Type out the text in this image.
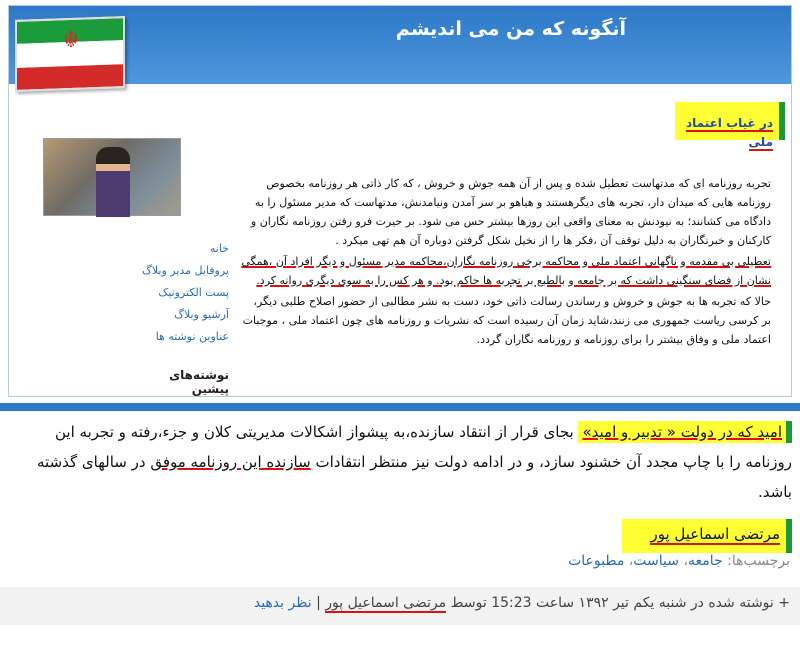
آنگونه که من می اندیشم
☬
در غیاب اعتماد ملی

تجربه روزنامه ای که مدتهاست تعطیل شده و پس از آن همه جوش و خروش ، که کار ذاتی هر روزنامه بخصوص روزنامه هایی که میدان دار، تجربه های دیگرهستند و هیاهو بر سر آمدن ونیامدنش، مدتهاست که مدیر مسئول را به دادگاه می کشانند؛ به نیودنش به معنای واقعی این روزها بیشتر حس می شود. بر حیرت فرو رفتن روزنامه نگاران و کارکنان و خبرنگاران به دلیل توقف آن ،فکر ها را از نخیل شکل گرفتن دوباره آن هم تهی میکرد .

تعطیلی بی مقدمه و ناگهانی اعتماد ملی و محاکمه برخی روزنامه نگاران،محاکمه مدیر مسئول و دیگر افراد آن ،همگی نشان از فضای سنگینی داشت که بر جامعه و بالطبع بر تجربه ها حاکم بود. و هر کس را به سوی دیگری روانه کرد.

حالا که تجربه ها به جوش و خروش و رساندن رسالت ذاتی خود، دست به نشر مطالبی از حضور اصلاح طلبی دیگر، بر کرسی ریاست جمهوری می زنند،شاید زمان آن رسیده است که نشریات و روزنامه های چون اعتماد ملی ، موجبات اعتماد ملی و وفاق بیشتر را برای روزنامه و روزنامه نگاران گردد.

خانه
پروفایل مدیر وبلاگ
پست الکترونیک
آرشیو وبلاگ
عناوین نوشته ها
نوشته‌های پیشین
امید که در دولت « تدبیر و امید» بجای قرار از انتقاد سازنده،به پیشواز اشکالات مدیریتی کلان و جزء،رفته و تجربه این روزنامه را با چاپ مجدد آن خشنود سازد، و در ادامه دولت نیز منتظر انتقادات سازنده این روزنامه موفق در سالهای گذشته باشد.
مرتضی اسماعیل پور
برچسب‌ها: جامعه، سیاست، مطبوعات
+ نوشته شده در شنبه یکم تیر ۱۳۹۲ ساعت 15:23 توسط مرتضی اسماعیل پور | نظر بدهید
